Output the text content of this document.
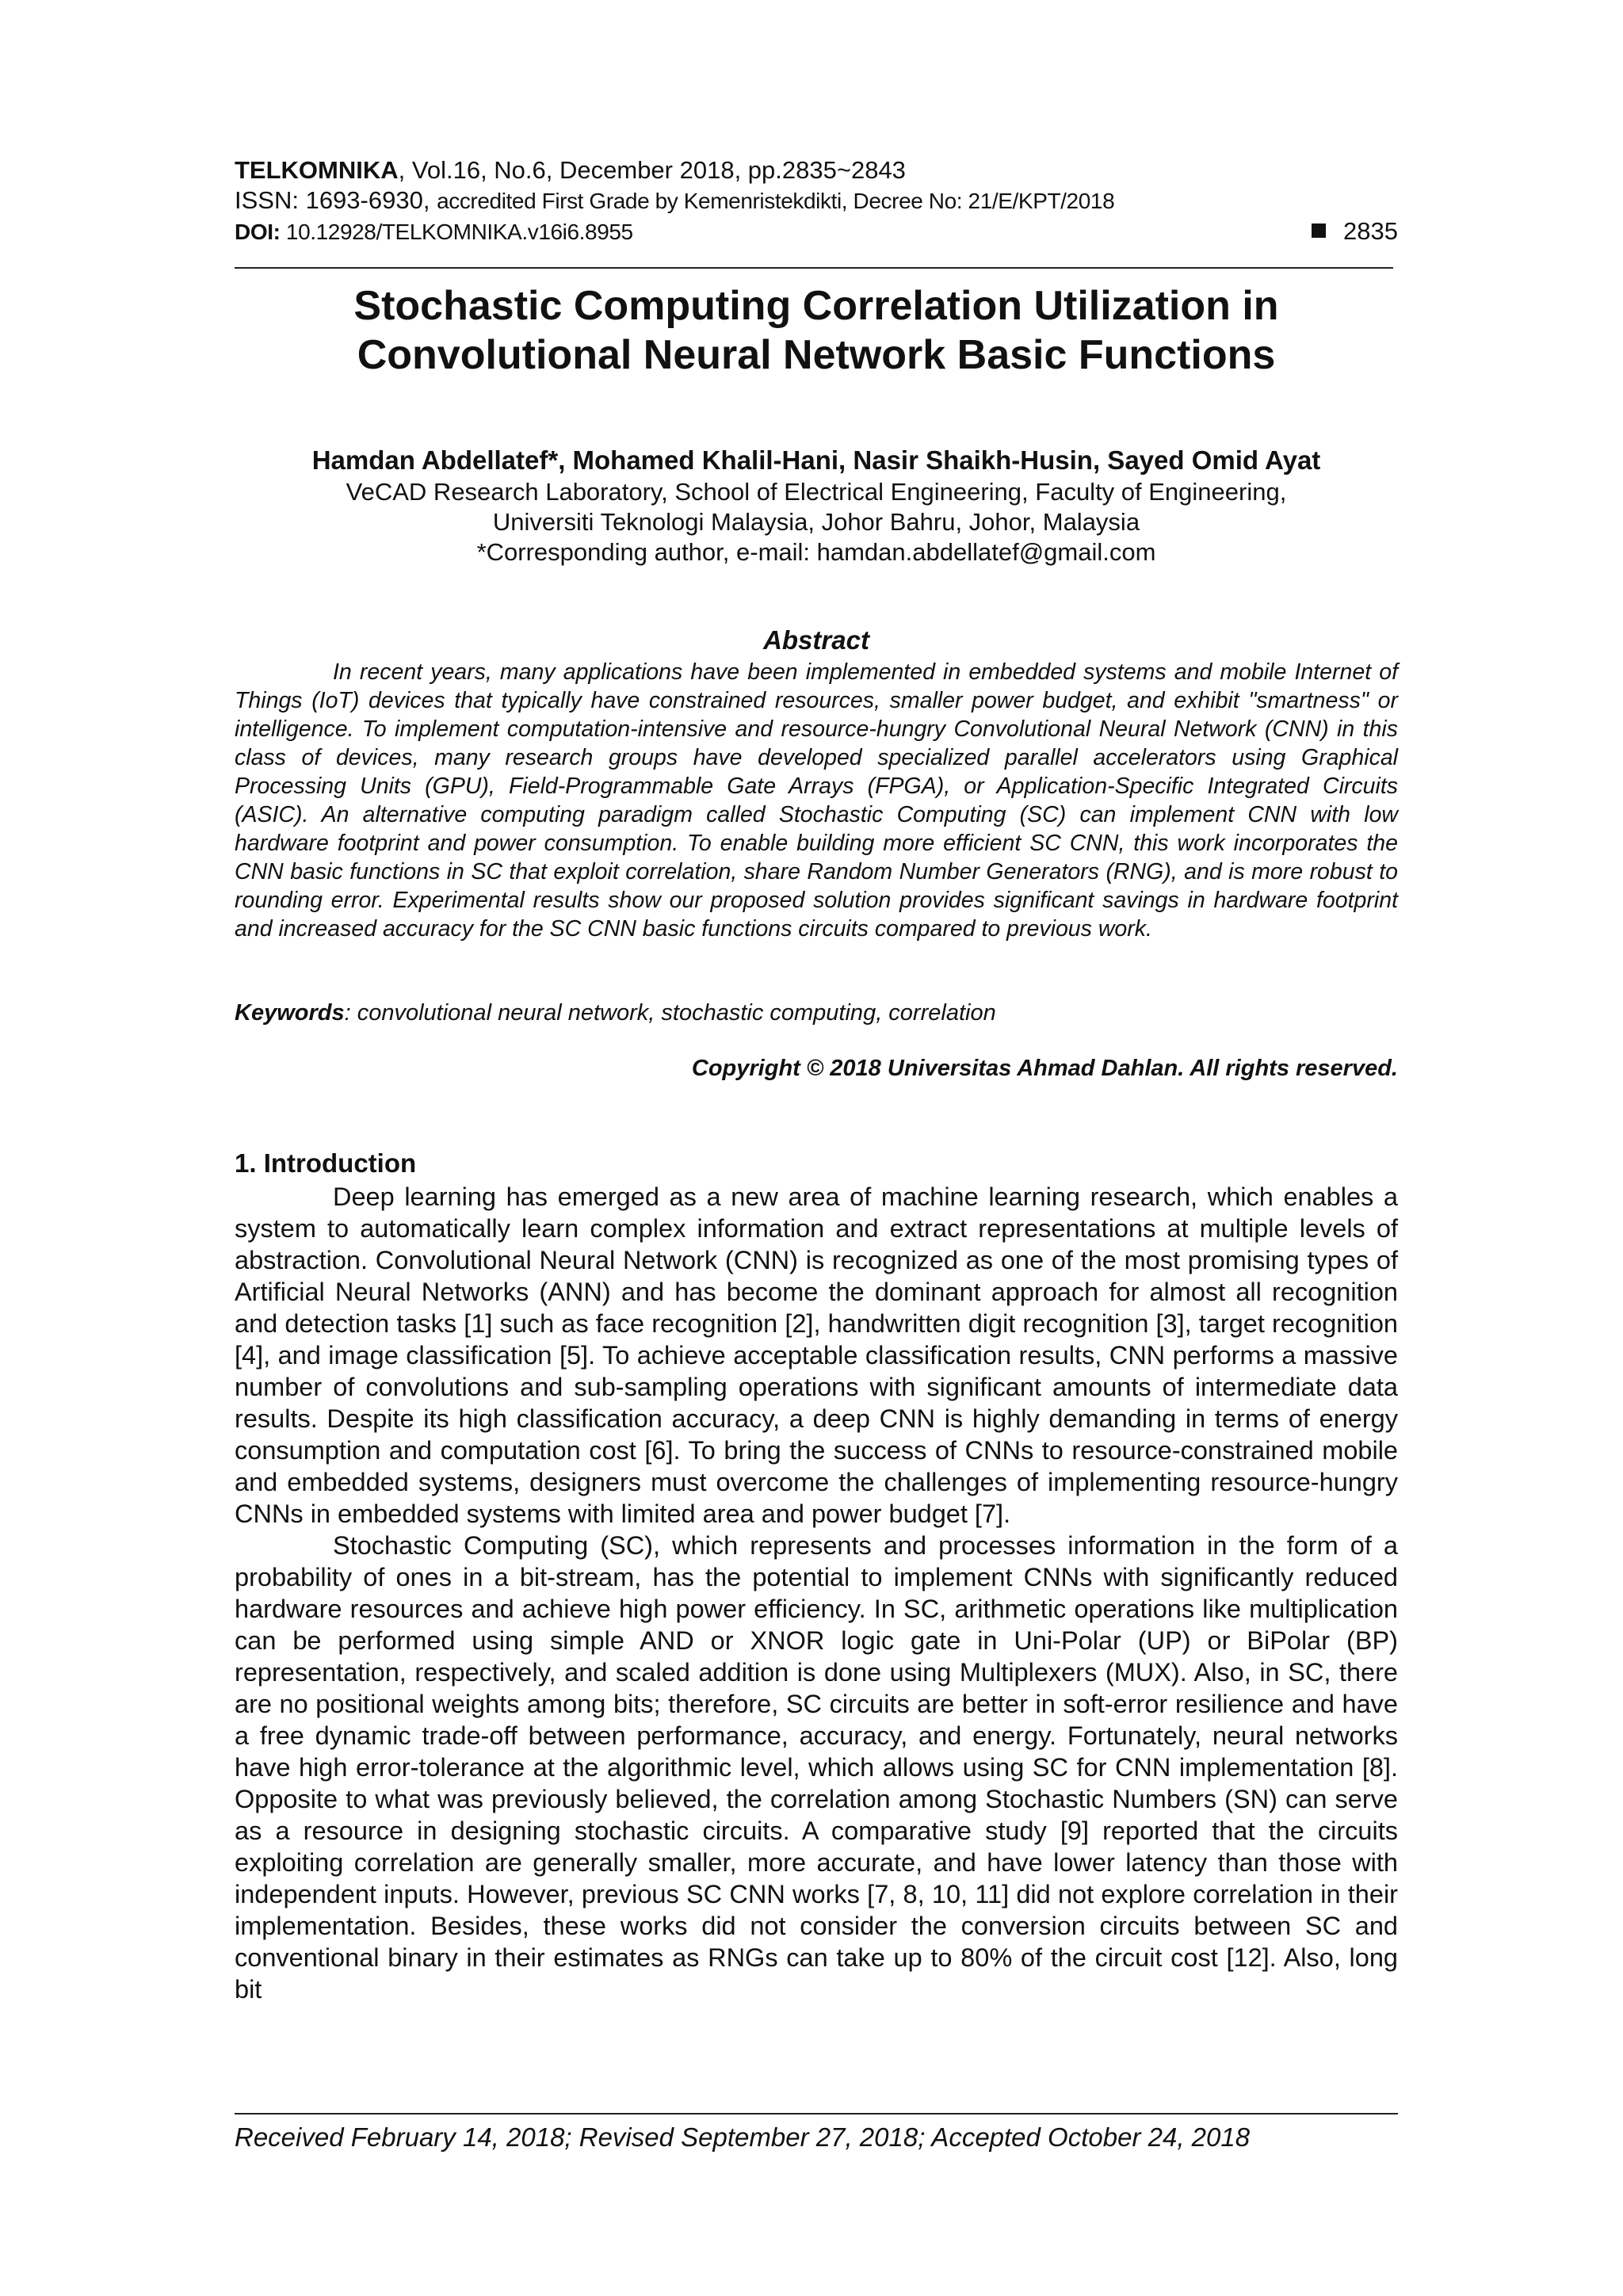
TELKOMNIKA, Vol.16, No.6, December 2018, pp.2835~2843
ISSN: 1693-6930, accredited First Grade by Kemenristekdikti, Decree No: 21/E/KPT/2018
DOI: 10.12928/TELKOMNIKA.v16i6.8955	2835
Stochastic Computing Correlation Utilization in
Convolutional Neural Network Basic Functions
Hamdan Abdellatef*, Mohamed Khalil-Hani, Nasir Shaikh-Husin, Sayed Omid Ayat
VeCAD Research Laboratory, School of Electrical Engineering, Faculty of Engineering,
Universiti Teknologi Malaysia, Johor Bahru, Johor, Malaysia
*Corresponding author, e-mail: hamdan.abdellatef@gmail.com
Abstract

In recent years, many applications have been implemented in embedded systems and mobile Internet of Things (IoT) devices that typically have constrained resources, smaller power budget, and exhibit "smartness" or intelligence. To implement computation-intensive and resource-hungry Convolutional Neural Network (CNN) in this class of devices, many research groups have developed specialized parallel accelerators using Graphical Processing Units (GPU), Field-Programmable Gate Arrays (FPGA), or Application-Specific Integrated Circuits (ASIC). An alternative computing paradigm called Stochastic Computing (SC) can implement CNN with low hardware footprint and power consumption. To enable building more efficient SC CNN, this work incorporates the CNN basic functions in SC that exploit correlation, share Random Number Generators (RNG), and is more robust to rounding error. Experimental results show our proposed solution provides significant savings in hardware footprint and increased accuracy for the SC CNN basic functions circuits compared to previous work.

Keywords: convolutional neural network, stochastic computing, correlation
Copyright © 2018 Universitas Ahmad Dahlan. All rights reserved.
1. Introduction

Deep learning has emerged as a new area of machine learning research, which enables a system to automatically learn complex information and extract representations at multiple levels of abstraction. Convolutional Neural Network (CNN) is recognized as one of the most promising types of Artificial Neural Networks (ANN) and has become the dominant approach for almost all recognition and detection tasks [1] such as face recognition [2], handwritten digit recognition [3], target recognition [4], and image classification [5]. To achieve acceptable classification results, CNN performs a massive number of convolutions and sub-sampling operations with significant amounts of intermediate data results. Despite its high classification accuracy, a deep CNN is highly demanding in terms of energy consumption and computation cost [6]. To bring the success of CNNs to resource-constrained mobile and embedded systems, designers must overcome the challenges of implementing resource-hungry CNNs in embedded systems with limited area and power budget [7].

Stochastic Computing (SC), which represents and processes information in the form of a probability of ones in a bit-stream, has the potential to implement CNNs with significantly reduced hardware resources and achieve high power efficiency. In SC, arithmetic operations like multiplication can be performed using simple AND or XNOR logic gate in Uni-Polar (UP) or BiPolar (BP) representation, respectively, and scaled addition is done using Multiplexers (MUX). Also, in SC, there are no positional weights among bits; therefore, SC circuits are better in soft-error resilience and have a free dynamic trade-off between performance, accuracy, and energy. Fortunately, neural networks have high error-tolerance at the algorithmic level, which allows using SC for CNN implementation [8]. Opposite to what was previously believed, the correlation among Stochastic Numbers (SN) can serve as a resource in designing stochastic circuits. A comparative study [9] reported that the circuits exploiting correlation are generally smaller, more accurate, and have lower latency than those with independent inputs. However, previous SC CNN works [7, 8, 10, 11] did not explore correlation in their implementation. Besides, these works did not consider the conversion circuits between SC and conventional binary in their estimates as RNGs can take up to 80% of the circuit cost [12]. Also, long bit

Received February 14, 2018; Revised September 27, 2018; Accepted October 24, 2018
